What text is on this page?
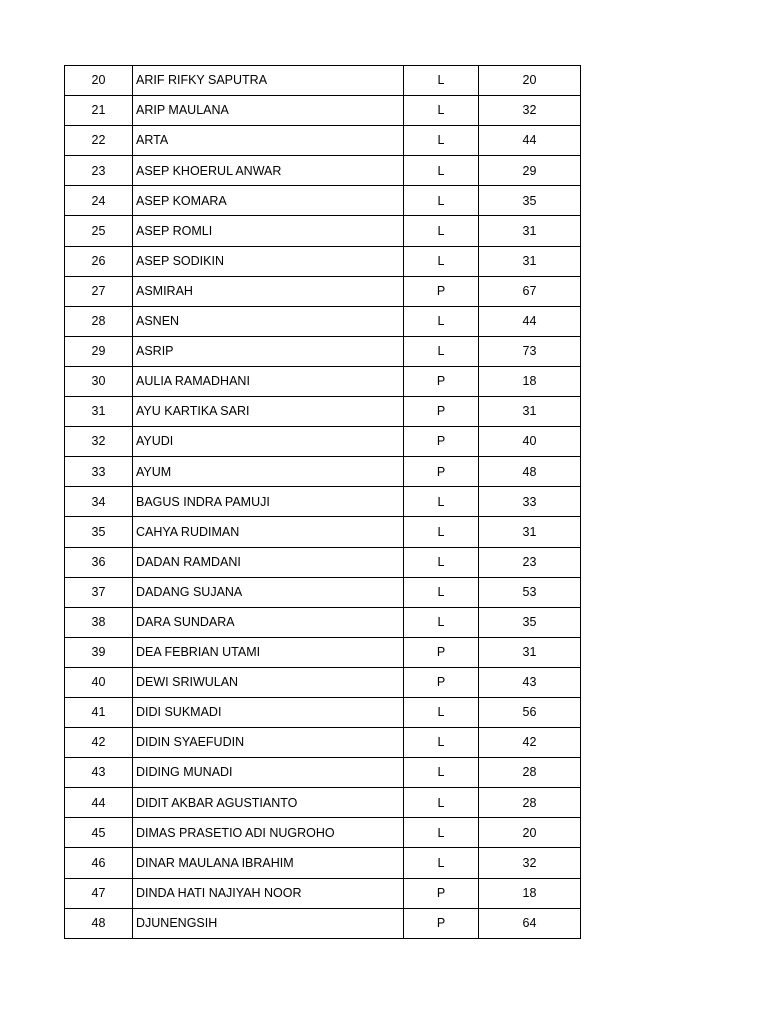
20	ARIF RIFKY SAPUTRA	L	20
21	ARIP MAULANA	L	32
22	ARTA	L	44
23	ASEP KHOERUL ANWAR	L	29
24	ASEP KOMARA	L	35
25	ASEP ROMLI	L	31
26	ASEP SODIKIN	L	31
27	ASMIRAH	P	67
28	ASNEN	L	44
29	ASRIP	L	73
30	AULIA RAMADHANI	P	18
31	AYU KARTIKA SARI	P	31
32	AYUDI	P	40
33	AYUM	P	48
34	BAGUS INDRA PAMUJI	L	33
35	CAHYA RUDIMAN	L	31
36	DADAN RAMDANI	L	23
37	DADANG SUJANA	L	53
38	DARA SUNDARA	L	35
39	DEA FEBRIAN UTAMI	P	31
40	DEWI SRIWULAN	P	43
41	DIDI SUKMADI	L	56
42	DIDIN SYAEFUDIN	L	42
43	DIDING MUNADI	L	28
44	DIDIT AKBAR AGUSTIANTO	L	28
45	DIMAS PRASETIO ADI NUGROHO	L	20
46	DINAR MAULANA IBRAHIM	L	32
47	DINDA HATI NAJIYAH NOOR	P	18
48	DJUNENGSIH	P	64
